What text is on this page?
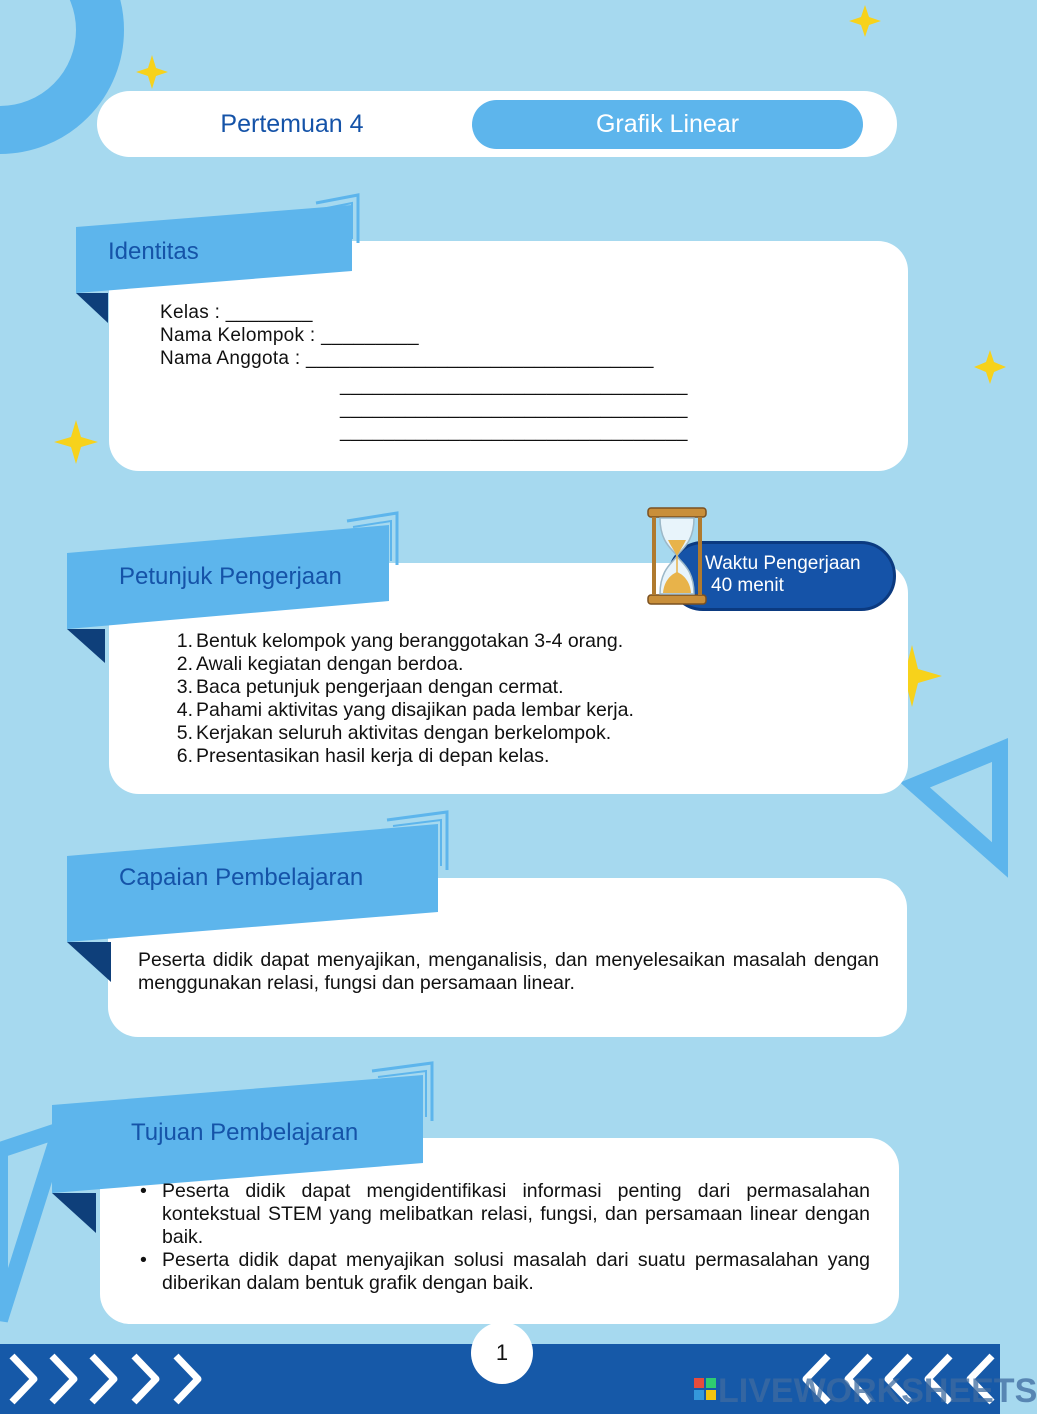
Pertemuan 4	Grafik Linear
Identitas
Kelas : ________
Nama Kelompok : _________
Nama Anggota : ________________________________
________________________________
________________________________
________________________________
Petunjuk Pengerjaan	Waktu Pengerjaan
40 menit
1. Bentuk kelompok yang beranggotakan 3-4 orang.
2. Awali kegiatan dengan berdoa.
3. Baca petunjuk pengerjaan dengan cermat.
4. Pahami aktivitas yang disajikan pada lembar kerja.
5. Kerjakan seluruh aktivitas dengan berkelompok.
6. Presentasikan hasil kerja di depan kelas.
Capaian Pembelajaran
Peserta didik dapat menyajikan, menganalisis, dan menyelesaikan masalah dengan menggunakan relasi, fungsi dan persamaan linear.
Tujuan Pembelajaran
• Peserta didik dapat mengidentifikasi informasi penting dari permasalahan kontekstual STEM yang melibatkan relasi, fungsi, dan persamaan linear dengan baik.
• Peserta didik dapat menyajikan solusi masalah dari suatu permasalahan yang diberikan dalam bentuk grafik dengan baik.
1
LIVEWORKSHEETS
